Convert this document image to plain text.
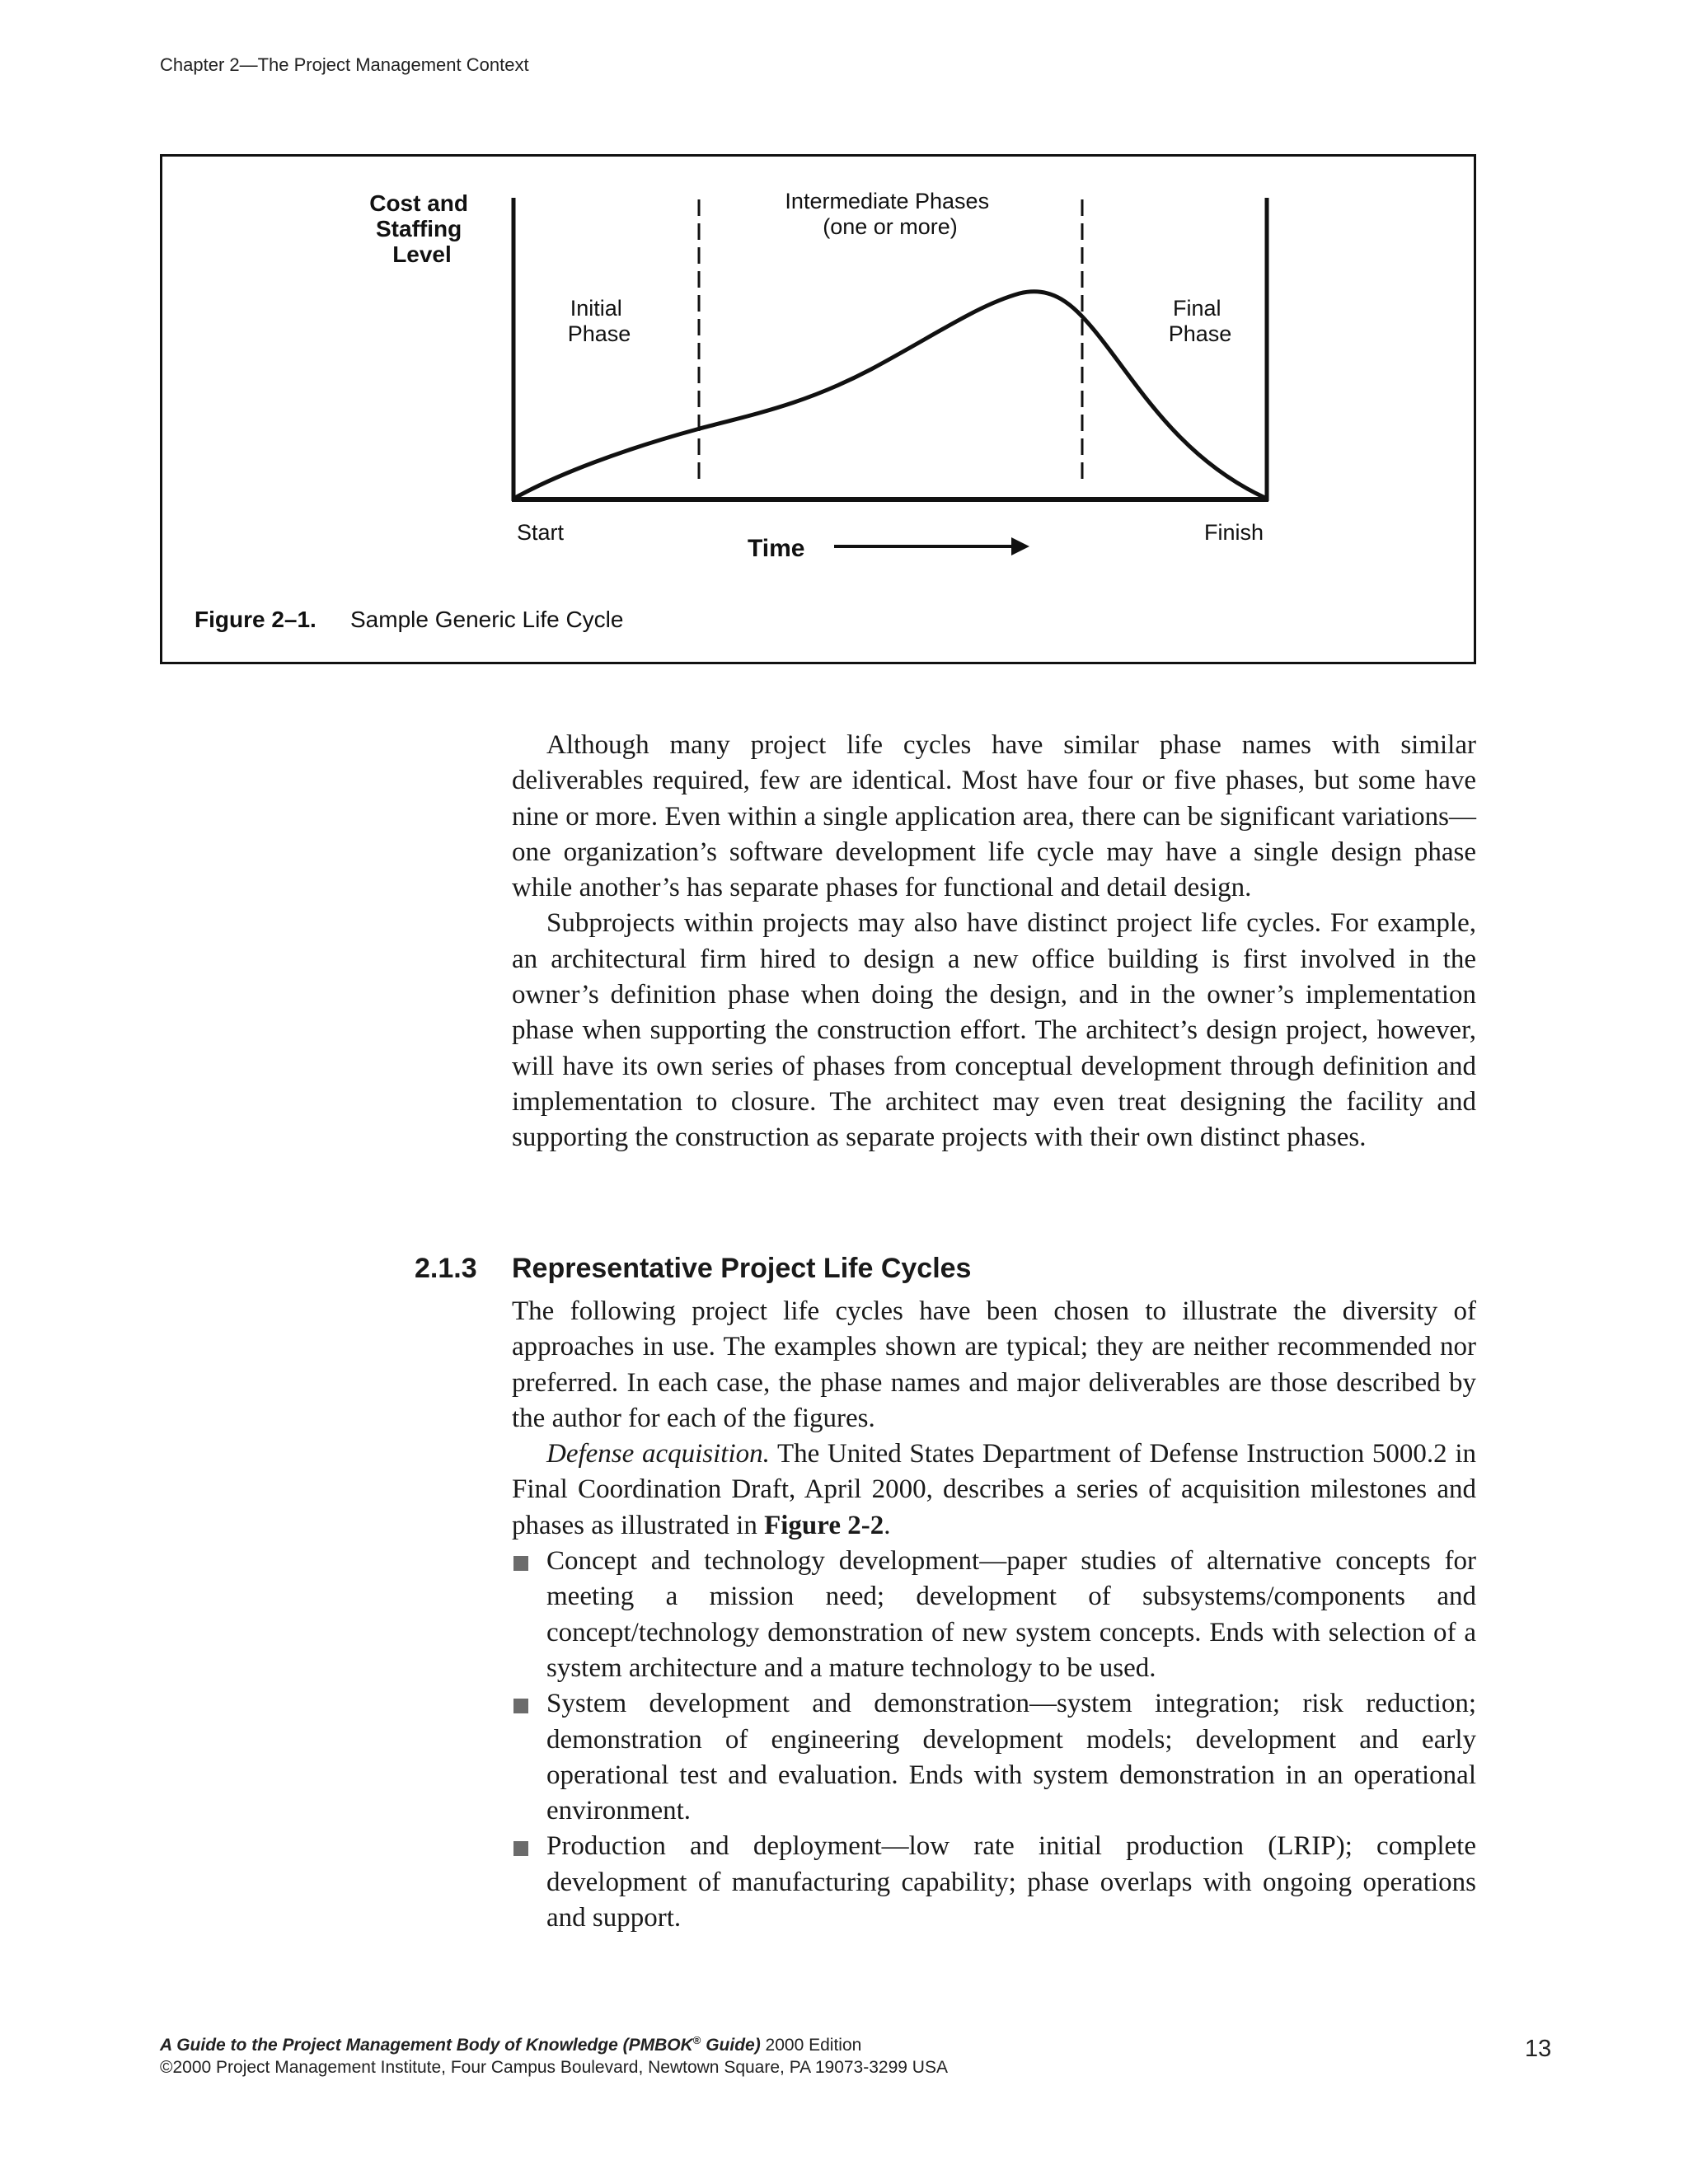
Chapter 2—The Project Management Context
Cost and Staffing Level
Intermediate Phases (one or more)
Initial Phase
Final Phase
Start	Finish
Time
Figure 2–1. Sample Generic Life Cycle

Although many project life cycles have similar phase names with similar deliverables required, few are identical. Most have four or five phases, but some have nine or more. Even within a single application area, there can be significant variations—one organization’s software development life cycle may have a single design phase while another’s has separate phases for functional and detail design.

Subprojects within projects may also have distinct project life cycles. For example, an architectural firm hired to design a new office building is first involved in the owner’s definition phase when doing the design, and in the owner’s implementation phase when supporting the construction effort. The architect’s design project, however, will have its own series of phases from conceptual development through definition and implementation to closure. The architect may even treat designing the facility and supporting the construction as separate projects with their own distinct phases.

2.1.3 Representative Project Life Cycles

The following project life cycles have been chosen to illustrate the diversity of approaches in use. The examples shown are typical; they are neither recommended nor preferred. In each case, the phase names and major deliverables are those described by the author for each of the figures.

Defense acquisition. The United States Department of Defense Instruction 5000.2 in Final Coordination Draft, April 2000, describes a series of acquisition milestones and phases as illustrated in Figure 2-2.

Concept and technology development—paper studies of alternative concepts for meeting a mission need; development of subsystems/components and concept/technology demonstration of new system concepts. Ends with selection of a system architecture and a mature technology to be used.
System development and demonstration—system integration; risk reduction; demonstration of engineering development models; development and early operational test and evaluation. Ends with system demonstration in an operational environment.
Production and deployment—low rate initial production (LRIP); complete development of manufacturing capability; phase overlaps with ongoing operations and support.
A Guide to the Project Management Body of Knowledge (PMBOK® Guide) 2000 Edition
©2000 Project Management Institute, Four Campus Boulevard, Newtown Square, PA 19073-3299 USA
13
